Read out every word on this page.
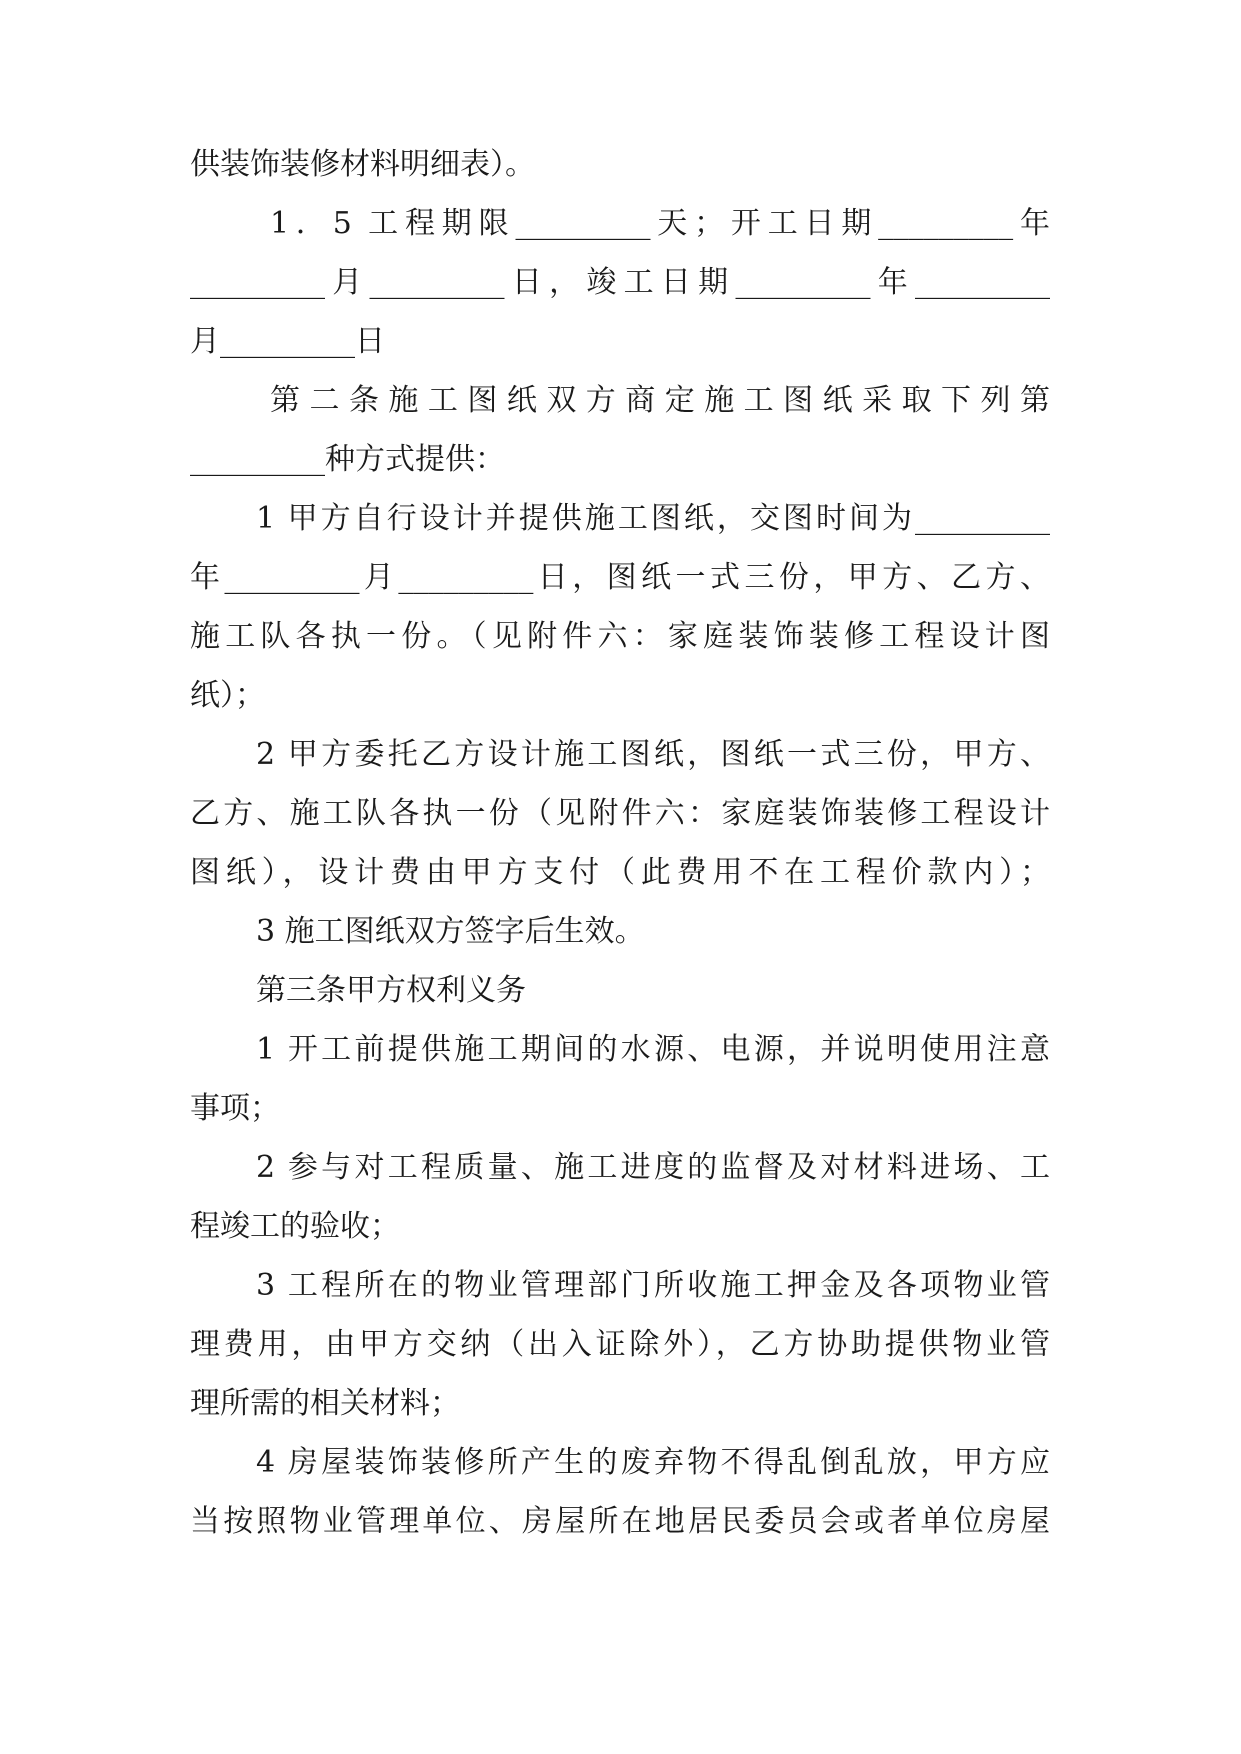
供装饰装修材料明细表）。
1．5 工程期限_________天；开工日期_________年
_________月_________日，竣工日期_________年_________
月_________日
第二条施工图纸双方商定施工图纸采取下列第
_________种方式提供：
1 甲方自行设计并提供施工图纸，交图时间为_________
年_________月_________日，图纸一式三份，甲方、乙方、
施工队各执一份。（见附件六：家庭装饰装修工程设计图
纸）；
2 甲方委托乙方设计施工图纸，图纸一式三份，甲方、
乙方、施工队各执一份（见附件六：家庭装饰装修工程设计
图纸），设计费由甲方支付（此费用不在工程价款内）；
3 施工图纸双方签字后生效。
第三条甲方权利义务
1 开工前提供施工期间的水源、电源，并说明使用注意
事项；
2 参与对工程质量、施工进度的监督及对材料进场、工
程竣工的验收；
3 工程所在的物业管理部门所收施工押金及各项物业管
理费用，由甲方交纳（出入证除外），乙方协助提供物业管
理所需的相关材料；
4 房屋装饰装修所产生的废弃物不得乱倒乱放，甲方应
当按照物业管理单位、房屋所在地居民委员会或者单位房屋
